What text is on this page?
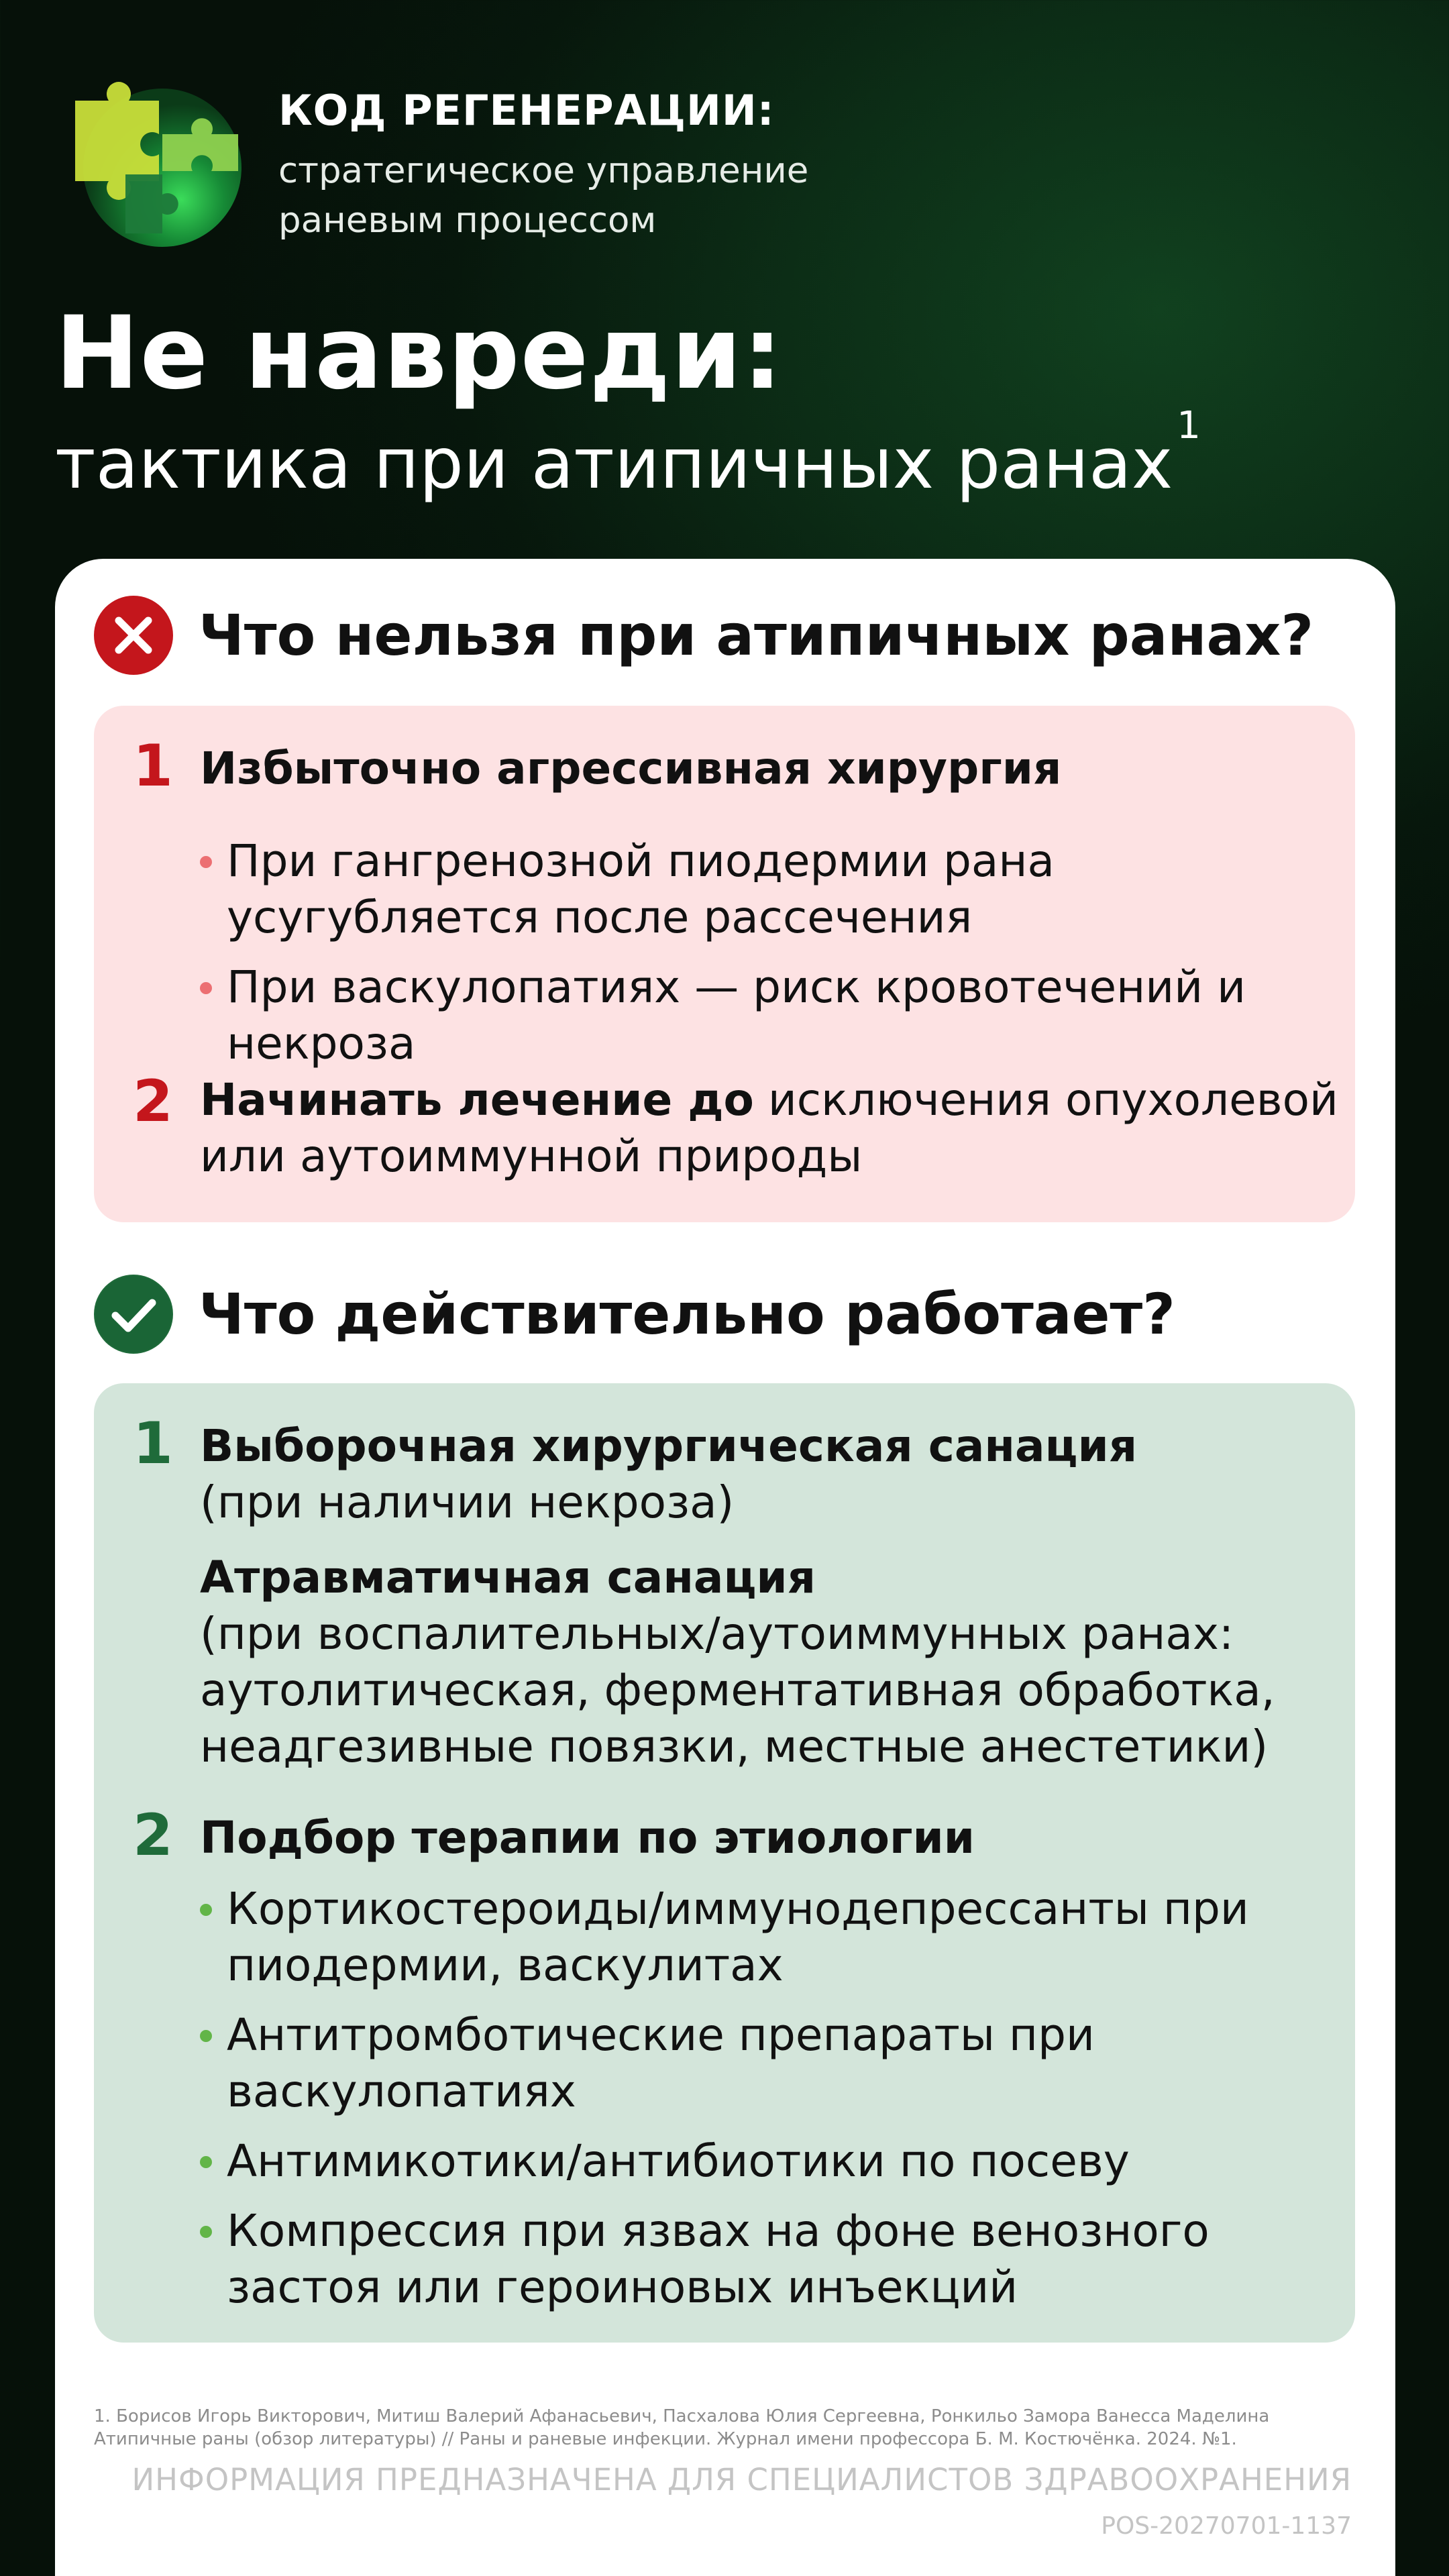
КОД РЕГЕНЕРАЦИИ:
стратегическое управление
раневым процессом
Не навреди:
тактика при атипичных ранах $^1$
Что нельзя при атипичных ранах?
1 Избыточно агрессивная хирургия
При гангренозной пиодермии рана усугубляется после рассечения
При васкулопатиях — риск кровотечений и некроза
2 Начинать лечение до исключения опухолевой или аутоиммунной природы
Что действительно работает?
1 Выборочная хирургическая санация
(при наличии некроза)
Атравматичная санация
(при воспалительных/аутоиммунных ранах: аутолитическая, ферментативная обработка, неадгезивные повязки, местные анестетики)
2 Подбор терапии по этиологии
Кортикостероиды/иммунодепрессанты при пиодермии, васкулитах
Антитромботические препараты при васкулопатиях
Антимикотики/антибиотики по посеву
Компрессия при язвах на фоне венозного застоя или героиновых инъекций
1. Борисов Игорь Викторович, Митиш Валерий Афанасьевич, Пасхалова Юлия Сергеевна, Ронкильо Замора Ванесса Маделина Атипичные раны (обзор литературы) // Раны и раневые инфекции. Журнал имени профессора Б. М. Костючёнка. 2024. №1.
ИНФОРМАЦИЯ ПРЕДНАЗНАЧЕНА ДЛЯ СПЕЦИАЛИСТОВ ЗДРАВООХРАНЕНИЯ
POS-20270701-1137
